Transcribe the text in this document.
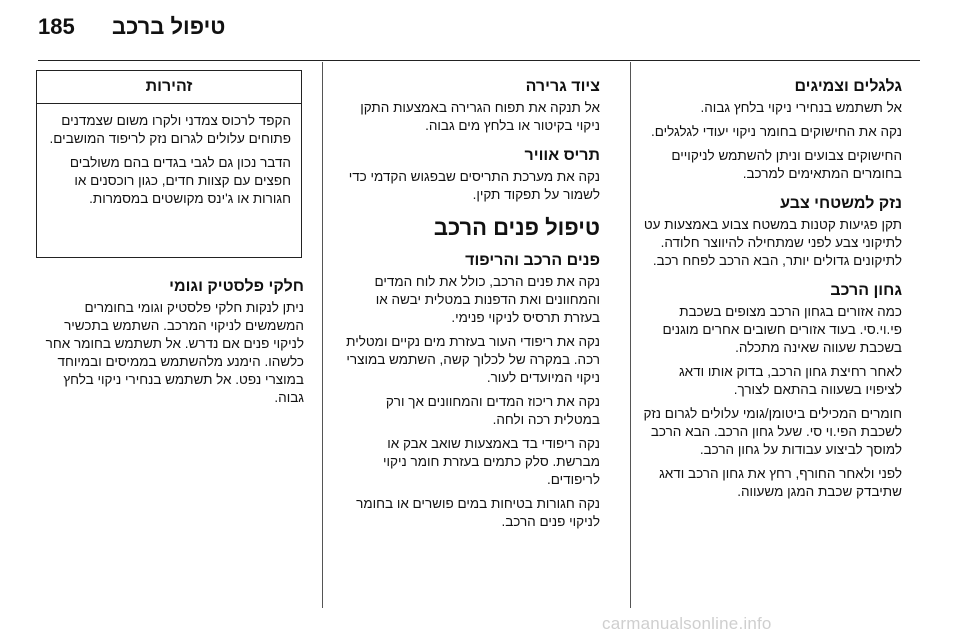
185 טיפול ברכב
גלגלים וצמיגים

אל תשתמש בנחירי ניקוי בלחץ גבוה.

נקה את החישוקים בחומר ניקוי יעודי לגלגלים.

החישוקים צבועים וניתן להשתמש לניקויים בחומרים המתאימים למרכב.

נזק למשטחי צבע

תקן פגיעות קטנות במשטח צבוע באמצעות עט לתיקוני צבע לפני שמתחילה להיווצר חלודה. לתיקונים גדולים יותר, הבא הרכב לפחח רכב.

גחון הרכב

כמה אזורים בגחון הרכב מצופים בשכבת פי.וי.סי. בעוד אזורים חשובים אחרים מוגנים בשכבת שעווה שאינה מתכלה.

לאחר רחיצת גחון הרכב, בדוק אותו ודאג לציפויו בשעווה בהתאם לצורך.

חומרים המכילים ביטומן/גומי עלולים לגרום נזק לשכבת הפי.וי סי. שעל גחון הרכב. הבא הרכב למוסך לביצוע עבודות על גחון הרכב.

לפני ולאחר החורף, רחץ את גחון הרכב ודאג שתיבדק שכבת המגן משעווה.

ציוד גרירה

אל תנקה את תפוח הגרירה באמצעות התקן ניקוי בקיטור או בלחץ מים גבוה.

תריס אוויר

נקה את מערכת התריסים שבפגוש הקדמי כדי לשמור על תפקוד תקין.

טיפול פנים הרכב
פנים הרכב והריפוד

נקה את פנים הרכב, כולל את לוח המדים והמחוונים ואת הדפנות במטלית יבשה או בעזרת תרסיס לניקוי פנימי.

נקה את ריפודי העור בעזרת מים נקיים ומטלית רכה. במקרה של לכלוך קשה, השתמש במוצרי ניקוי המיועדים לעור.

נקה את ריכוז המדים והמחוונים אך ורק במטלית רכה ולחה.

נקה ריפודי בד באמצעות שואב אבק או מברשת. סלק כתמים בעזרת חומר ניקוי לריפודים.

נקה חגורות בטיחות במים פושרים או בחומר לניקוי פנים הרכב.

זהירות

הקפד לרכוס צמדני ולקרו משום שצמדנים פתוחים עלולים לגרום נזק לריפוד המושבים.

הדבר נכון גם לגבי בגדים בהם משולבים חפצים עם קצוות חדים, כגון רוכסנים או חגורות או ג'ינס מקושטים במסמרות.

חלקי פלסטיק וגומי

ניתן לנקות חלקי פלסטיק וגומי בחומרים המשמשים לניקוי המרכב. השתמש בתכשיר לניקוי פנים אם נדרש. אל תשתמש בחומר אחר כלשהו. הימנע מלהשתמש בממיסים ובמיוחד במוצרי נפט. אל תשתמש בנחירי ניקוי בלחץ גבוה.

carmanualsonline.info
